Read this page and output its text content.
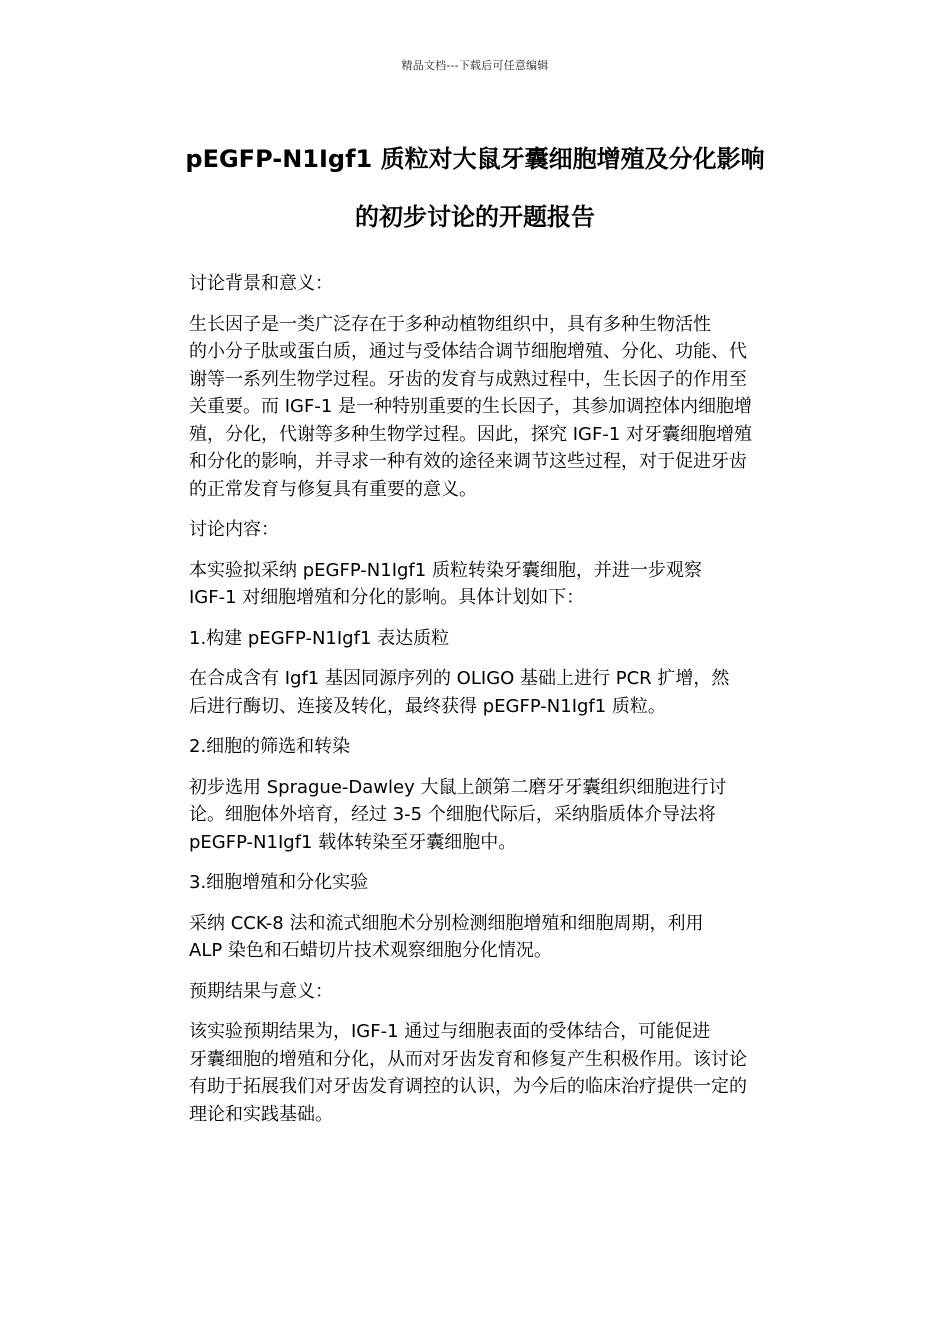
精品文档---下载后可任意编辑
pEGFP-N1Igf1 质粒对大鼠牙囊细胞增殖及分化影响
的初步讨论的开题报告
讨论背景和意义：
生长因子是一类广泛存在于多种动植物组织中，具有多种生物活性
的小分子肽或蛋白质，通过与受体结合调节细胞增殖、分化、功能、代
谢等一系列生物学过程。牙齿的发育与成熟过程中，生长因子的作用至
关重要。而 IGF-1 是一种特别重要的生长因子，其参加调控体内细胞增
殖，分化，代谢等多种生物学过程。因此，探究 IGF-1 对牙囊细胞增殖
和分化的影响，并寻求一种有效的途径来调节这些过程，对于促进牙齿
的正常发育与修复具有重要的意义。
讨论内容：
本实验拟采纳 pEGFP-N1Igf1 质粒转染牙囊细胞，并进一步观察
IGF-1 对细胞增殖和分化的影响。具体计划如下：
1.构建 pEGFP-N1Igf1 表达质粒
在合成含有 Igf1 基因同源序列的 OLIGO 基础上进行 PCR 扩增，然
后进行酶切、连接及转化，最终获得 pEGFP-N1Igf1 质粒。
2.细胞的筛选和转染
初步选用 Sprague-Dawley 大鼠上颌第二磨牙牙囊组织细胞进行讨
论。细胞体外培育，经过 3-5 个细胞代际后，采纳脂质体介导法将
pEGFP-N1Igf1 载体转染至牙囊细胞中。
3.细胞增殖和分化实验
采纳 CCK-8 法和流式细胞术分别检测细胞增殖和细胞周期，利用
ALP 染色和石蜡切片技术观察细胞分化情况。
预期结果与意义：
该实验预期结果为，IGF-1 通过与细胞表面的受体结合，可能促进
牙囊细胞的增殖和分化，从而对牙齿发育和修复产生积极作用。该讨论
有助于拓展我们对牙齿发育调控的认识，为今后的临床治疗提供一定的
理论和实践基础。
